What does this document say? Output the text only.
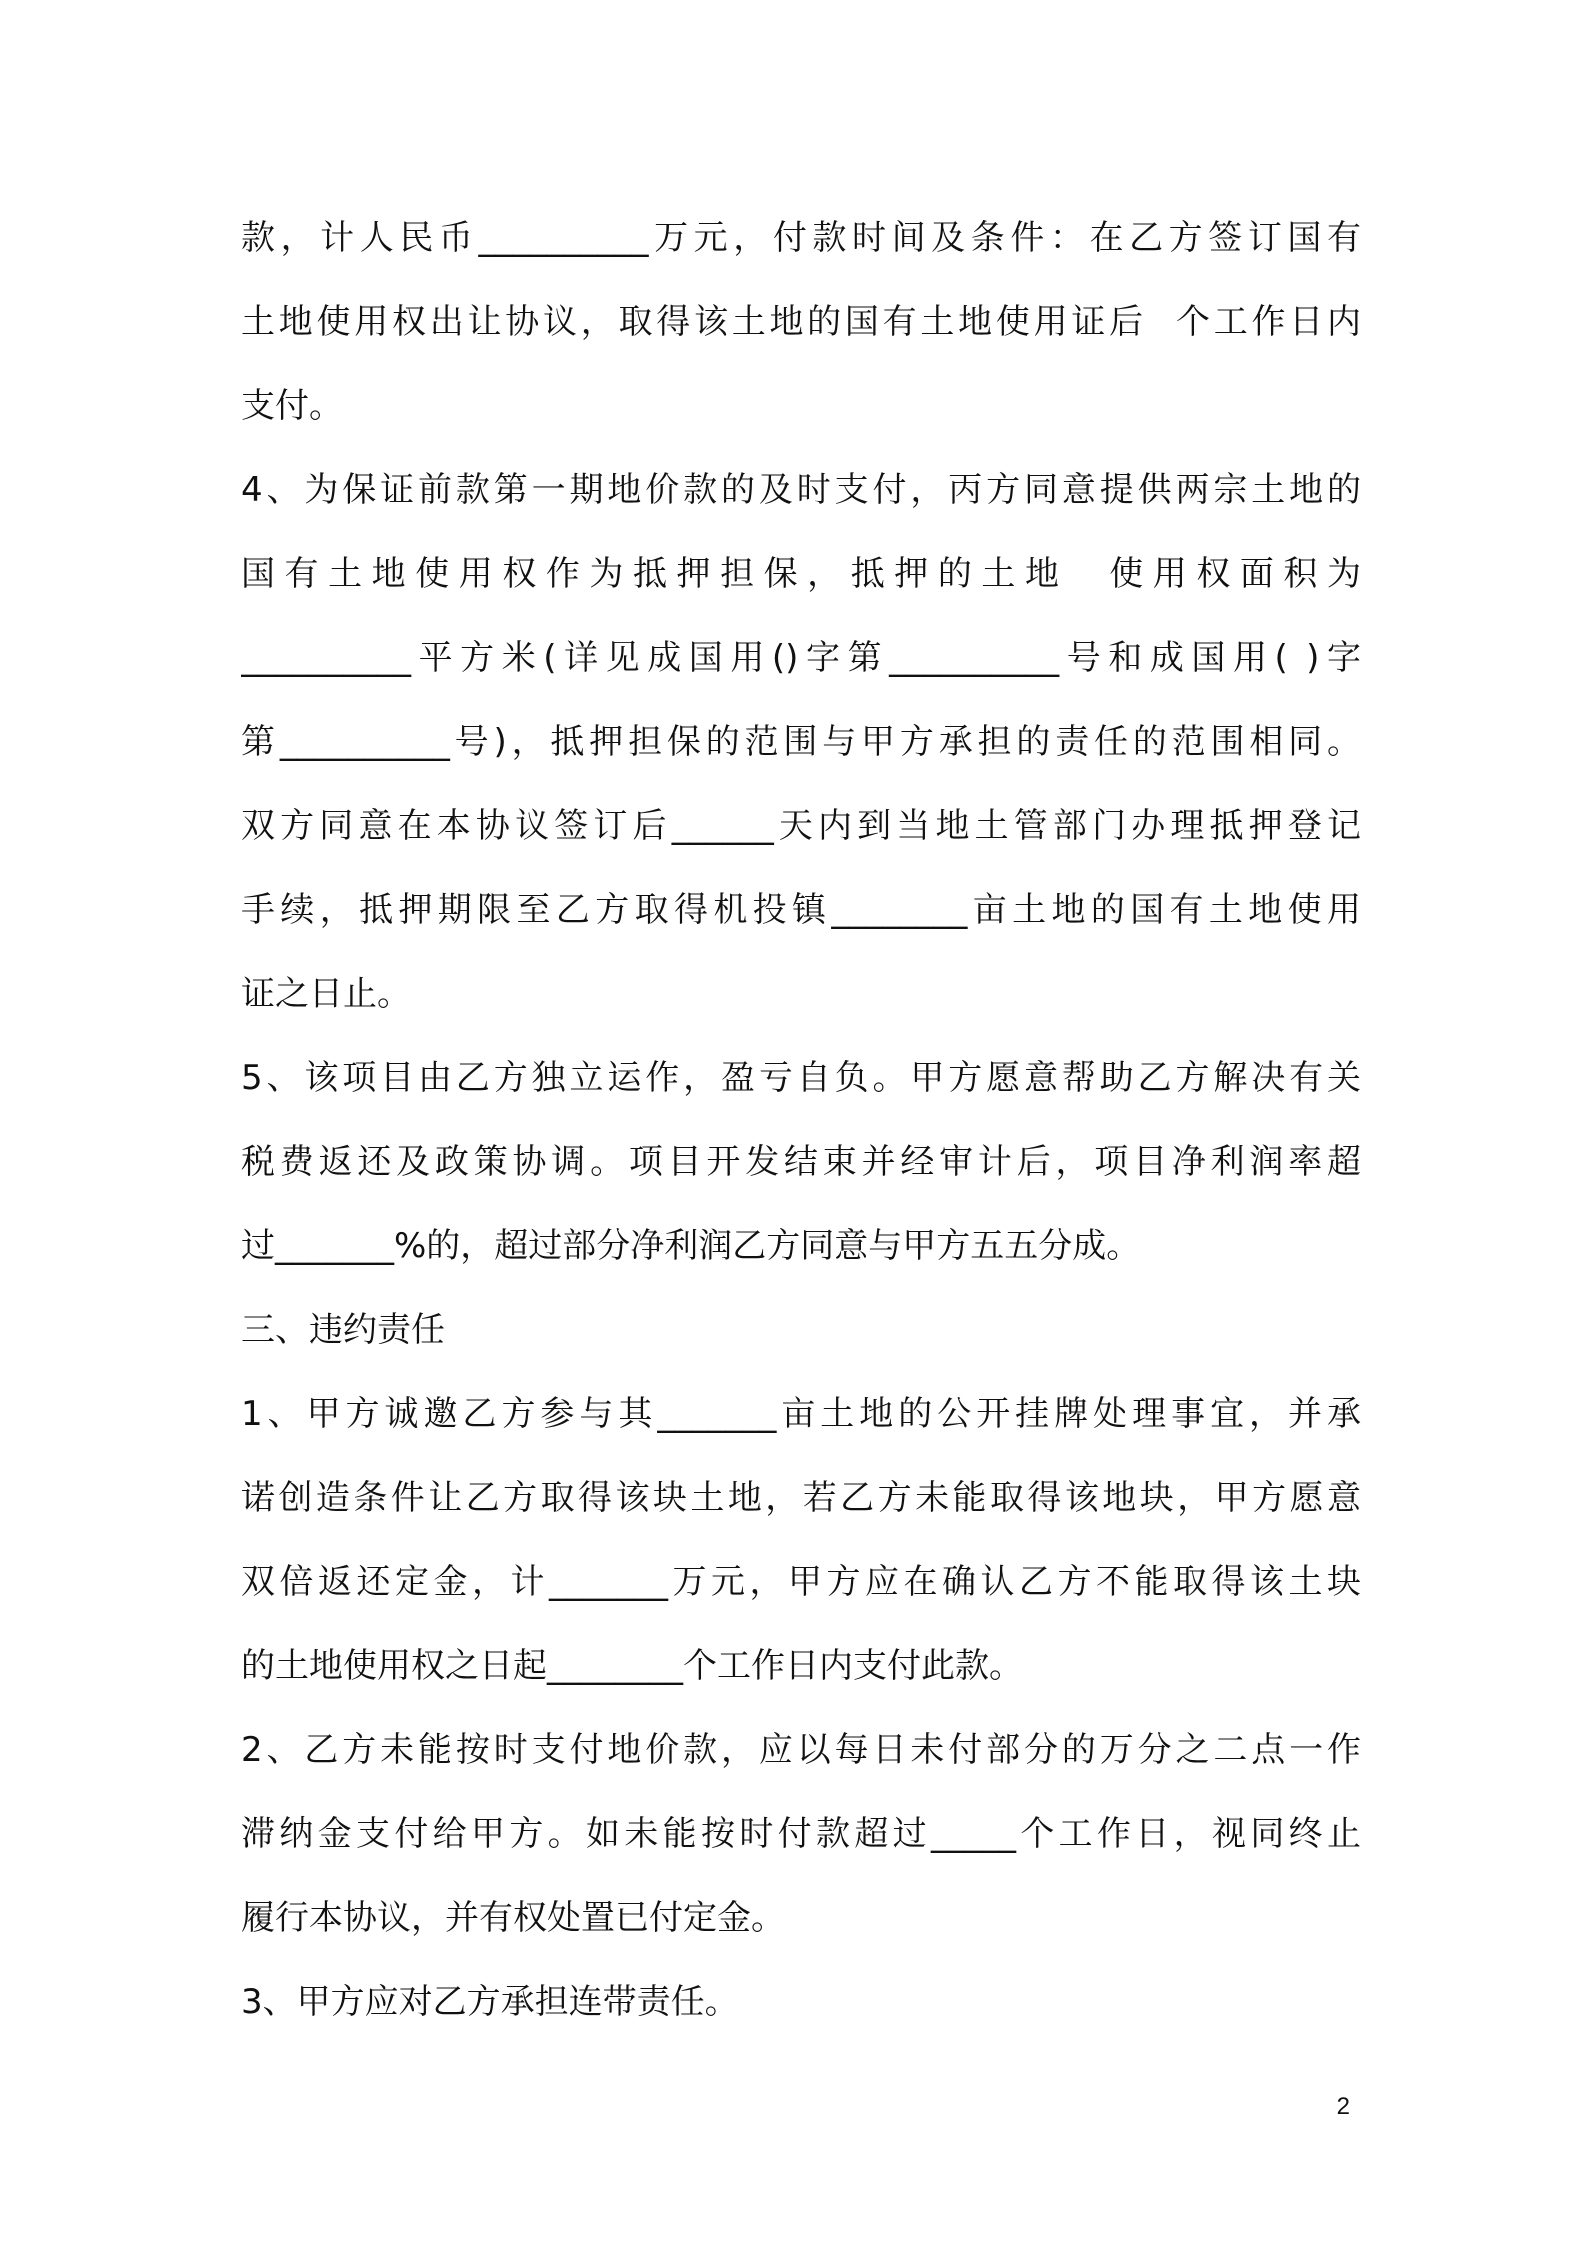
款，计人民币__________万元，付款时间及条件：在乙方签订国有
土地使用权出让协议，取得该土地的国有土地使用证后  个工作日内
支付。
4、为保证前款第一期地价款的及时支付，丙方同意提供两宗土地的
国有土地使用权作为抵押担保，抵押的土地  使用权面积为
__________平方米(详见成国用()字第__________号和成国用( )字
第__________号)，抵押担保的范围与甲方承担的责任的范围相同。
双方同意在本协议签订后______天内到当地土管部门办理抵押登记
手续，抵押期限至乙方取得机投镇________亩土地的国有土地使用
证之日止。
5、该项目由乙方独立运作，盈亏自负。甲方愿意帮助乙方解决有关
税费返还及政策协调。项目开发结束并经审计后，项目净利润率超
过_______%的，超过部分净利润乙方同意与甲方五五分成。
三、违约责任
1、甲方诚邀乙方参与其_______亩土地的公开挂牌处理事宜，并承
诺创造条件让乙方取得该块土地，若乙方未能取得该地块，甲方愿意
双倍返还定金，计_______万元，甲方应在确认乙方不能取得该土块
的土地使用权之日起________个工作日内支付此款。
2、乙方未能按时支付地价款，应以每日未付部分的万分之二点一作
滞纳金支付给甲方。如未能按时付款超过_____个工作日，视同终止
履行本协议，并有权处置已付定金。
3、甲方应对乙方承担连带责任。
2
